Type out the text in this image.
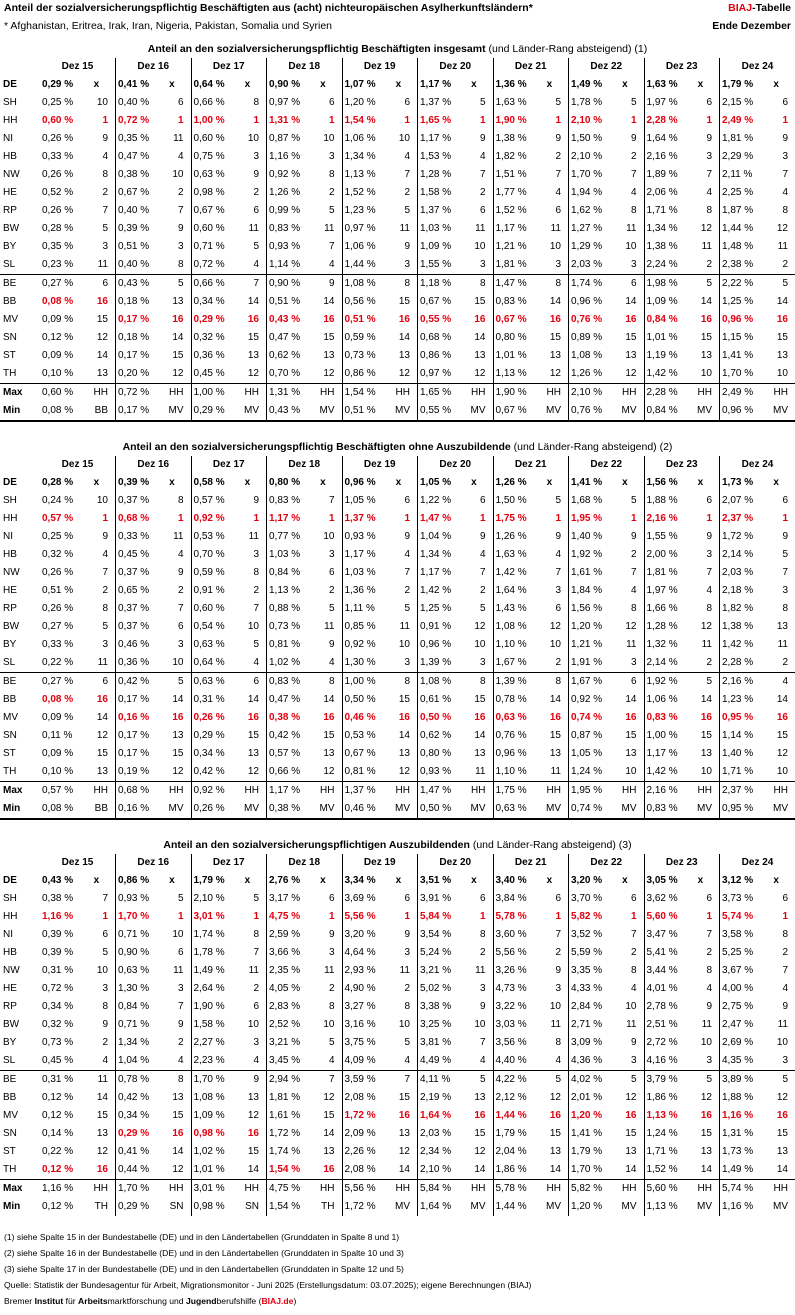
Anteil der sozialversicherungspflichtig Beschäftigten aus (acht) nichteuropäischen Asylherkunftsländern*
* Afghanistan, Eritrea, Irak, Iran, Nigeria, Pakistan, Somalia und Syrien
BIAJ-Tabelle
Ende Dezember
Anteil an den sozialversicherungspflichtig Beschäftigten insgesamt (und Länder-Rang absteigend) (1)
	Dez 15		Dez 16		Dez 17		Dez 18		Dez 19		Dez 20		Dez 21		Dez 22		Dez 23		Dez 24	
DE	0,29 %	x	0,41 %	x	0,64 %	x	0,90 %	x	1,07 %	x	1,17 %	x	1,36 %	x	1,49 %	x	1,63 %	x	1,79 %	x
SH	0,25 %	10	0,40 %	6	0,66 %	8	0,97 %	6	1,20 %	6	1,37 %	5	1,63 %	5	1,78 %	5	1,97 %	6	2,15 %	6
HH	0,60 %	1	0,72 %	1	1,00 %	1	1,31 %	1	1,54 %	1	1,65 %	1	1,90 %	1	2,10 %	1	2,28 %	1	2,49 %	1
NI	0,26 %	9	0,35 %	11	0,60 %	10	0,87 %	10	1,06 %	10	1,17 %	9	1,38 %	9	1,50 %	9	1,64 %	9	1,81 %	9
HB	0,33 %	4	0,47 %	4	0,75 %	3	1,16 %	3	1,34 %	4	1,53 %	4	1,82 %	2	2,10 %	2	2,16 %	3	2,29 %	3
NW	0,26 %	8	0,38 %	10	0,63 %	9	0,92 %	8	1,13 %	7	1,28 %	7	1,51 %	7	1,70 %	7	1,89 %	7	2,11 %	7
HE	0,52 %	2	0,67 %	2	0,98 %	2	1,26 %	2	1,52 %	2	1,58 %	2	1,77 %	4	1,94 %	4	2,06 %	4	2,25 %	4
RP	0,26 %	7	0,40 %	7	0,67 %	6	0,99 %	5	1,23 %	5	1,37 %	6	1,52 %	6	1,62 %	8	1,71 %	8	1,87 %	8
BW	0,28 %	5	0,39 %	9	0,60 %	11	0,83 %	11	0,97 %	11	1,03 %	11	1,17 %	11	1,27 %	11	1,34 %	12	1,44 %	12
BY	0,35 %	3	0,51 %	3	0,71 %	5	0,93 %	7	1,06 %	9	1,09 %	10	1,21 %	10	1,29 %	10	1,38 %	11	1,48 %	11
SL	0,23 %	11	0,40 %	8	0,72 %	4	1,14 %	4	1,44 %	3	1,55 %	3	1,81 %	3	2,03 %	3	2,24 %	2	2,38 %	2
BE	0,27 %	6	0,43 %	5	0,66 %	7	0,90 %	9	1,08 %	8	1,18 %	8	1,47 %	8	1,74 %	6	1,98 %	5	2,22 %	5
BB	0,08 %	16	0,18 %	13	0,34 %	14	0,51 %	14	0,56 %	15	0,67 %	15	0,83 %	14	0,96 %	14	1,09 %	14	1,25 %	14
MV	0,09 %	15	0,17 %	16	0,29 %	16	0,43 %	16	0,51 %	16	0,55 %	16	0,67 %	16	0,76 %	16	0,84 %	16	0,96 %	16
SN	0,12 %	12	0,18 %	14	0,32 %	15	0,47 %	15	0,59 %	14	0,68 %	14	0,80 %	15	0,89 %	15	1,01 %	15	1,15 %	15
ST	0,09 %	14	0,17 %	15	0,36 %	13	0,62 %	13	0,73 %	13	0,86 %	13	1,01 %	13	1,08 %	13	1,19 %	13	1,41 %	13
TH	0,10 %	13	0,20 %	12	0,45 %	12	0,70 %	12	0,86 %	12	0,97 %	12	1,13 %	12	1,26 %	12	1,42 %	10	1,70 %	10
Max	0,60 %	HH	0,72 %	HH	1,00 %	HH	1,31 %	HH	1,54 %	HH	1,65 %	HH	1,90 %	HH	2,10 %	HH	2,28 %	HH	2,49 %	HH
Min	0,08 %	BB	0,17 %	MV	0,29 %	MV	0,43 %	MV	0,51 %	MV	0,55 %	MV	0,67 %	MV	0,76 %	MV	0,84 %	MV	0,96 %	MV
Anteil an den sozialversicherungspflichtig Beschäftigten ohne Auszubildende (und Länder-Rang absteigend) (2)
	Dez 15		Dez 16		Dez 17		Dez 18		Dez 19		Dez 20		Dez 21		Dez 22		Dez 23		Dez 24	
DE	0,28 %	x	0,39 %	x	0,58 %	x	0,80 %	x	0,96 %	x	1,05 %	x	1,26 %	x	1,41 %	x	1,56 %	x	1,73 %	x
SH	0,24 %	10	0,37 %	8	0,57 %	9	0,83 %	7	1,05 %	6	1,22 %	6	1,50 %	5	1,68 %	5	1,88 %	6	2,07 %	6
HH	0,57 %	1	0,68 %	1	0,92 %	1	1,17 %	1	1,37 %	1	1,47 %	1	1,75 %	1	1,95 %	1	2,16 %	1	2,37 %	1
NI	0,25 %	9	0,33 %	11	0,53 %	11	0,77 %	10	0,93 %	9	1,04 %	9	1,26 %	9	1,40 %	9	1,55 %	9	1,72 %	9
HB	0,32 %	4	0,45 %	4	0,70 %	3	1,03 %	3	1,17 %	4	1,34 %	4	1,63 %	4	1,92 %	2	2,00 %	3	2,14 %	5
NW	0,26 %	7	0,37 %	9	0,59 %	8	0,84 %	6	1,03 %	7	1,17 %	7	1,42 %	7	1,61 %	7	1,81 %	7	2,03 %	7
HE	0,51 %	2	0,65 %	2	0,91 %	2	1,13 %	2	1,36 %	2	1,42 %	2	1,64 %	3	1,84 %	4	1,97 %	4	2,18 %	3
RP	0,26 %	8	0,37 %	7	0,60 %	7	0,88 %	5	1,11 %	5	1,25 %	5	1,43 %	6	1,56 %	8	1,66 %	8	1,82 %	8
BW	0,27 %	5	0,37 %	6	0,54 %	10	0,73 %	11	0,85 %	11	0,91 %	12	1,08 %	12	1,20 %	12	1,28 %	12	1,38 %	13
BY	0,33 %	3	0,46 %	3	0,63 %	5	0,81 %	9	0,92 %	10	0,96 %	10	1,10 %	10	1,21 %	11	1,32 %	11	1,42 %	11
SL	0,22 %	11	0,36 %	10	0,64 %	4	1,02 %	4	1,30 %	3	1,39 %	3	1,67 %	2	1,91 %	3	2,14 %	2	2,28 %	2
BE	0,27 %	6	0,42 %	5	0,63 %	6	0,83 %	8	1,00 %	8	1,08 %	8	1,39 %	8	1,67 %	6	1,92 %	5	2,16 %	4
BB	0,08 %	16	0,17 %	14	0,31 %	14	0,47 %	14	0,50 %	15	0,61 %	15	0,78 %	14	0,92 %	14	1,06 %	14	1,23 %	14
MV	0,09 %	14	0,16 %	16	0,26 %	16	0,38 %	16	0,46 %	16	0,50 %	16	0,63 %	16	0,74 %	16	0,83 %	16	0,95 %	16
SN	0,11 %	12	0,17 %	13	0,29 %	15	0,42 %	15	0,53 %	14	0,62 %	14	0,76 %	15	0,87 %	15	1,00 %	15	1,14 %	15
ST	0,09 %	15	0,17 %	15	0,34 %	13	0,57 %	13	0,67 %	13	0,80 %	13	0,96 %	13	1,05 %	13	1,17 %	13	1,40 %	12
TH	0,10 %	13	0,19 %	12	0,42 %	12	0,66 %	12	0,81 %	12	0,93 %	11	1,10 %	11	1,24 %	10	1,42 %	10	1,71 %	10
Max	0,57 %	HH	0,68 %	HH	0,92 %	HH	1,17 %	HH	1,37 %	HH	1,47 %	HH	1,75 %	HH	1,95 %	HH	2,16 %	HH	2,37 %	HH
Min	0,08 %	BB	0,16 %	MV	0,26 %	MV	0,38 %	MV	0,46 %	MV	0,50 %	MV	0,63 %	MV	0,74 %	MV	0,83 %	MV	0,95 %	MV
Anteil an den sozialversicherungspflichtigen Auszubildenden (und Länder-Rang absteigend) (3)
	Dez 15		Dez 16		Dez 17		Dez 18		Dez 19		Dez 20		Dez 21		Dez 22		Dez 23		Dez 24	
DE	0,43 %	x	0,86 %	x	1,79 %	x	2,76 %	x	3,34 %	x	3,51 %	x	3,40 %	x	3,20 %	x	3,05 %	x	3,12 %	x
SH	0,38 %	7	0,93 %	5	2,10 %	5	3,17 %	6	3,69 %	6	3,91 %	6	3,84 %	6	3,70 %	6	3,62 %	6	3,73 %	6
HH	1,16 %	1	1,70 %	1	3,01 %	1	4,75 %	1	5,56 %	1	5,84 %	1	5,78 %	1	5,82 %	1	5,60 %	1	5,74 %	1
NI	0,39 %	6	0,71 %	10	1,74 %	8	2,59 %	9	3,20 %	9	3,54 %	8	3,60 %	7	3,52 %	7	3,47 %	7	3,58 %	8
HB	0,39 %	5	0,90 %	6	1,78 %	7	3,66 %	3	4,64 %	3	5,24 %	2	5,56 %	2	5,59 %	2	5,41 %	2	5,25 %	2
NW	0,31 %	10	0,63 %	11	1,49 %	11	2,35 %	11	2,93 %	11	3,21 %	11	3,26 %	9	3,35 %	8	3,44 %	8	3,67 %	7
HE	0,72 %	3	1,30 %	3	2,64 %	2	4,05 %	2	4,90 %	2	5,02 %	3	4,73 %	3	4,33 %	4	4,01 %	4	4,00 %	4
RP	0,34 %	8	0,84 %	7	1,90 %	6	2,83 %	8	3,27 %	8	3,38 %	9	3,22 %	10	2,84 %	10	2,78 %	9	2,75 %	9
BW	0,32 %	9	0,71 %	9	1,58 %	10	2,52 %	10	3,16 %	10	3,25 %	10	3,03 %	11	2,71 %	11	2,51 %	11	2,47 %	11
BY	0,73 %	2	1,34 %	2	2,27 %	3	3,21 %	5	3,75 %	5	3,81 %	7	3,56 %	8	3,09 %	9	2,72 %	10	2,69 %	10
SL	0,45 %	4	1,04 %	4	2,23 %	4	3,45 %	4	4,09 %	4	4,49 %	4	4,40 %	4	4,36 %	3	4,16 %	3	4,35 %	3
BE	0,31 %	11	0,78 %	8	1,70 %	9	2,94 %	7	3,59 %	7	4,11 %	5	4,22 %	5	4,02 %	5	3,79 %	5	3,89 %	5
BB	0,12 %	14	0,42 %	13	1,08 %	13	1,81 %	12	2,08 %	15	2,19 %	13	2,12 %	12	2,01 %	12	1,86 %	12	1,88 %	12
MV	0,12 %	15	0,34 %	15	1,09 %	12	1,61 %	15	1,72 %	16	1,64 %	16	1,44 %	16	1,20 %	16	1,13 %	16	1,16 %	16
SN	0,14 %	13	0,29 %	16	0,98 %	16	1,72 %	14	2,09 %	13	2,03 %	15	1,79 %	15	1,41 %	15	1,24 %	15	1,31 %	15
ST	0,22 %	12	0,41 %	14	1,02 %	15	1,74 %	13	2,26 %	12	2,34 %	12	2,04 %	13	1,79 %	13	1,71 %	13	1,73 %	13
TH	0,12 %	16	0,44 %	12	1,01 %	14	1,54 %	16	2,08 %	14	2,10 %	14	1,86 %	14	1,70 %	14	1,52 %	14	1,49 %	14
Max	1,16 %	HH	1,70 %	HH	3,01 %	HH	4,75 %	HH	5,56 %	HH	5,84 %	HH	5,78 %	HH	5,82 %	HH	5,60 %	HH	5,74 %	HH
Min	0,12 %	TH	0,29 %	SN	0,98 %	SN	1,54 %	TH	1,72 %	MV	1,64 %	MV	1,44 %	MV	1,20 %	MV	1,13 %	MV	1,16 %	MV
(1) siehe Spalte 15 in der Bundestabelle (DE) und in den Ländertabellen (Grunddaten in Spalte 8 und 1)
(2) siehe Spalte 16 in der Bundestabelle (DE) und in den Ländertabellen (Grunddaten in Spalte 10 und 3)
(3) siehe Spalte 17 in der Bundestabelle (DE) und in den Ländertabellen (Grunddaten in Spalte 12 und 5)
Quelle: Statistik der Bundesagentur für Arbeit, Migrationsmonitor - Juni 2025 (Erstellungsdatum: 03.07.2025); eigene Berechnungen (BIAJ)
Bremer Institut für Arbeitsmarktforschung und Jugendberufshilfe (BIAJ.de)
